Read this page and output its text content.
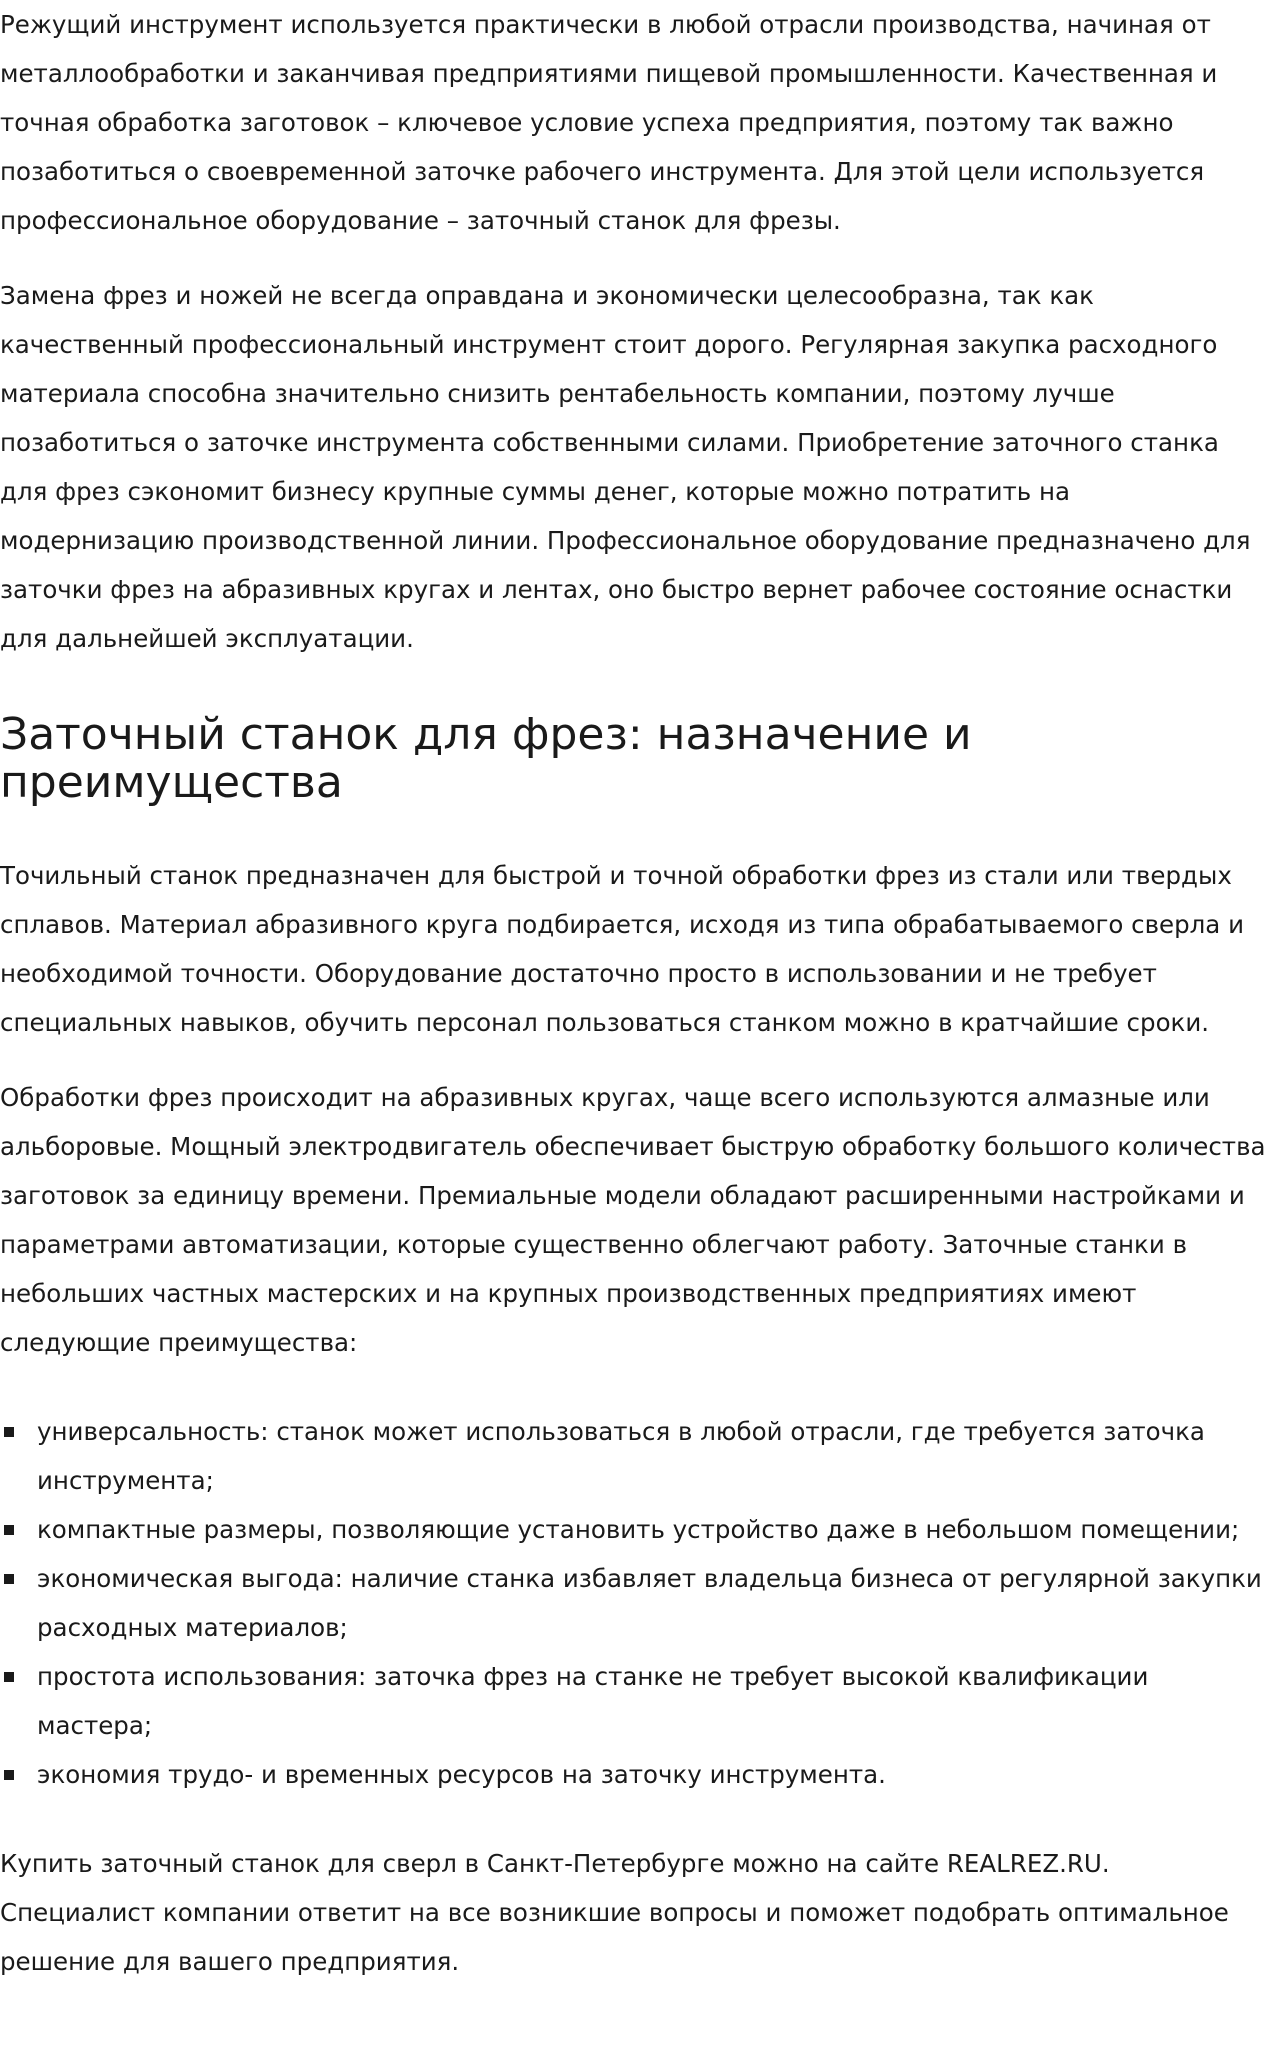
Режущий инструмент используется практически в любой отрасли производства, начиная от металлообработки и заканчивая предприятиями пищевой промышленности. Качественная и точная обработка заготовок – ключевое условие успеха предприятия, поэтому так важно позаботиться о своевременной заточке рабочего инструмента. Для этой цели используется профессиональное оборудование – заточный станок для фрезы.

Замена фрез и ножей не всегда оправдана и экономически целесообразна, так как качественный профессиональный инструмент стоит дорого. Регулярная закупка расходного материала способна значительно снизить рентабельность компании, поэтому лучше позаботиться о заточке инструмента собственными силами. Приобретение заточного станка для фрез сэкономит бизнесу крупные суммы денег, которые можно потратить на модернизацию производственной линии. Профессиональное оборудование предназначено для заточки фрез на абразивных кругах и лентах, оно быстро вернет рабочее состояние оснастки для дальнейшей эксплуатации.

Заточный станок для фрез: назначение и преимущества

Точильный станок предназначен для быстрой и точной обработки фрез из стали или твердых сплавов. Материал абразивного круга подбирается, исходя из типа обрабатываемого сверла и необходимой точности. Оборудование достаточно просто в использовании и не требует специальных навыков, обучить персонал пользоваться станком можно в кратчайшие сроки.

Обработки фрез происходит на абразивных кругах, чаще всего используются алмазные или альборовые. Мощный электродвигатель обеспечивает быструю обработку большого количества заготовок за единицу времени. Премиальные модели обладают расширенными настройками и параметрами автоматизации, которые существенно облегчают работу. Заточные станки в небольших частных мастерских и на крупных производственных предприятиях имеют следующие преимущества:

универсальность: станок может использоваться в любой отрасли, где требуется заточка инструмента;
компактные размеры, позволяющие установить устройство даже в небольшом помещении;
экономическая выгода: наличие станка избавляет владельца бизнеса от регулярной закупки расходных материалов;
простота использования: заточка фрез на станке не требует высокой квалификации мастера;
экономия трудо- и временных ресурсов на заточку инструмента.

Купить заточный станок для сверл в Санкт-Петербурге можно на сайте REALREZ.RU. Специалист компании ответит на все возникшие вопросы и поможет подобрать оптимальное решение для вашего предприятия.
